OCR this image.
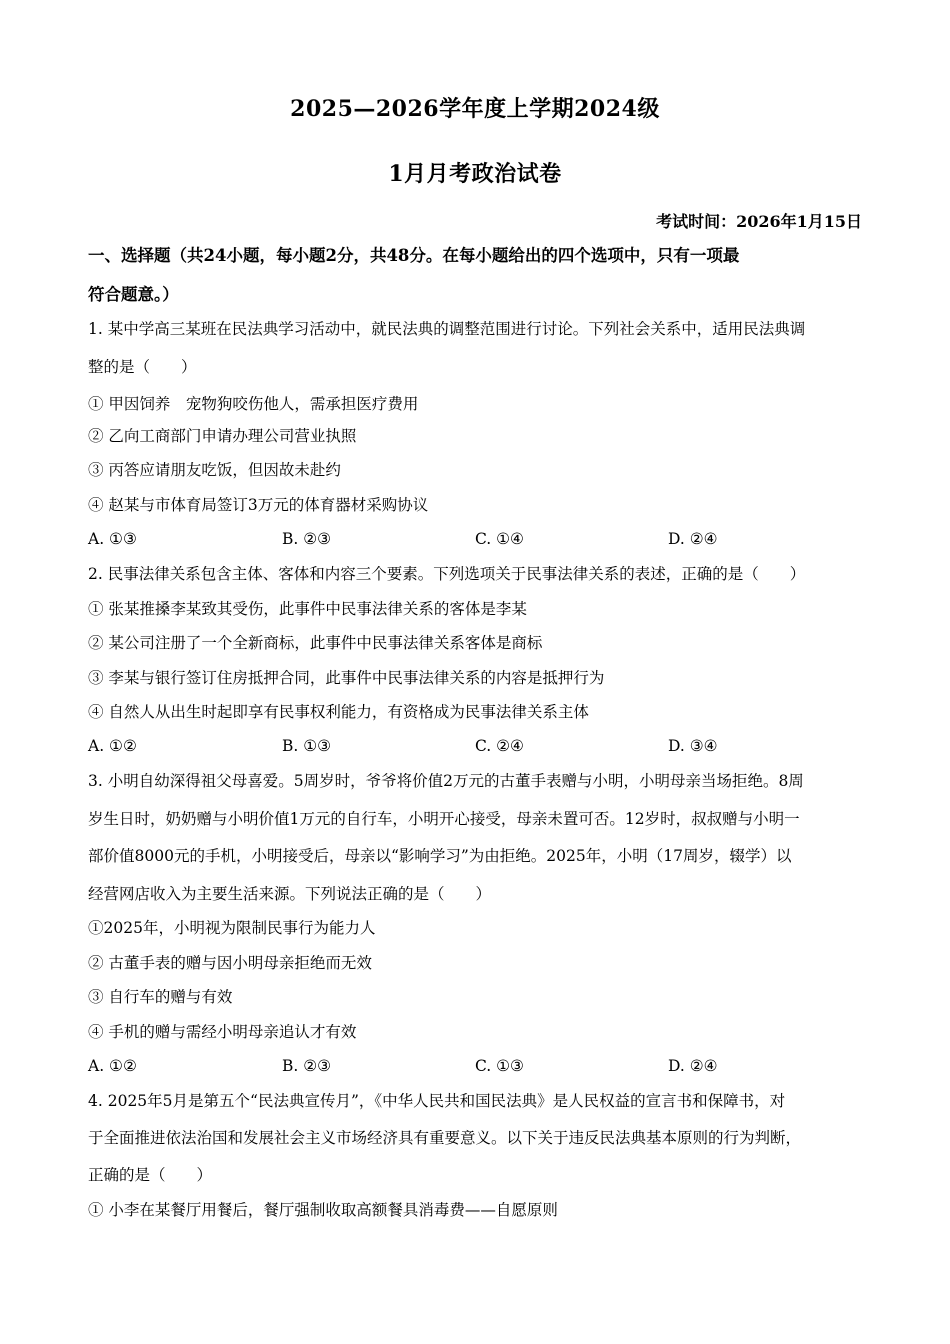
2025—2026学年度上学期2024级
1月月考政治试卷
考试时间：2026年1月15日
一、选择题（共24小题，每小题2分，共48分。在每小题给出的四个选项中，只有一项最
符合题意。）
1. 某中学高三某班在民法典学习活动中，就民法典的调整范围进行讨论。下列社会关系中，适用民法典调
整的是（　　）
① 甲因饲养　宠物狗咬伤他人，需承担医疗费用
② 乙向工商部门申请办理公司营业执照
③ 丙答应请朋友吃饭，但因故未赴约
④ 赵某与市体育局签订3万元的体育器材采购协议
A. ①③	B. ②③	C. ①④	D. ②④
2. 民事法律关系包含主体、客体和内容三个要素。下列选项关于民事法律关系的表述，正确的是（　　）
① 张某推搡李某致其受伤，此事件中民事法律关系的客体是李某
② 某公司注册了一个全新商标，此事件中民事法律关系客体是商标
③ 李某与银行签订住房抵押合同，此事件中民事法律关系的内容是抵押行为
④ 自然人从出生时起即享有民事权利能力，有资格成为民事法律关系主体
A. ①②	B. ①③	C. ②④	D. ③④
3. 小明自幼深得祖父母喜爱。5周岁时，爷爷将价值2万元的古董手表赠与小明，小明母亲当场拒绝。8周
岁生日时，奶奶赠与小明价值1万元的自行车，小明开心接受，母亲未置可否。12岁时，叔叔赠与小明一
部价值8000元的手机，小明接受后，母亲以“影响学习”为由拒绝。2025年，小明（17周岁，辍学）以
经营网店收入为主要生活来源。下列说法正确的是（　　）
①2025年，小明视为限制民事行为能力人
② 古董手表的赠与因小明母亲拒绝而无效
③ 自行车的赠与有效
④ 手机的赠与需经小明母亲追认才有效
A. ①②	B. ②③	C. ①③	D. ②④
4. 2025年5月是第五个“民法典宣传月”，《中华人民共和国民法典》是人民权益的宣言书和保障书，对
于全面推进依法治国和发展社会主义市场经济具有重要意义。以下关于违反民法典基本原则的行为判断，
正确的是（　　）
① 小李在某餐厅用餐后，餐厅强制收取高额餐具消毒费——自愿原则
